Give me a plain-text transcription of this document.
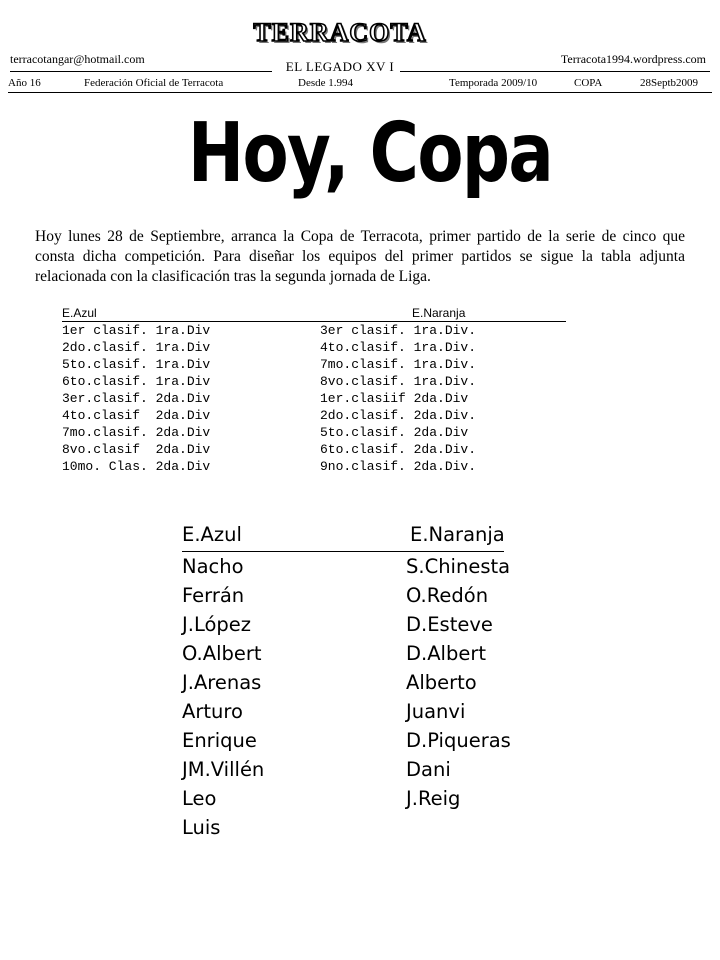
TERRACOTA
terracotangar@hotmail.com	Terracota1994.wordpress.com
EL LEGADO XV I
Año 16	Federación Oficial de Terracota	Desde 1.994	Temporada 2009/10	COPA	28Septb2009
Hoy, Copa
Hoy lunes 28 de Septiembre, arranca la Copa de Terracota, primer partido de la serie de cinco que consta dicha competición. Para diseñar los equipos del primer partidos se sigue la tabla adjunta relacionada con la clasificación tras la segunda jornada de Liga.
E.Azul	E.Naranja
1er clasif. 1ra.Div	3er clasif. 1ra.Div.
2do.clasif. 1ra.Div	4to.clasif. 1ra.Div.
5to.clasif. 1ra.Div	7mo.clasif. 1ra.Div.
6to.clasif. 1ra.Div	8vo.clasif. 1ra.Div.
3er.clasif. 2da.Div	1er.clasiif 2da.Div
4to.clasif  2da.Div	2do.clasif. 2da.Div.
7mo.clasif. 2da.Div	5to.clasif. 2da.Div
8vo.clasif  2da.Div	6to.clasif. 2da.Div.
10mo. Clas. 2da.Div	9no.clasif. 2da.Div.
E.Azul	E.Naranja
Nacho	S.Chinesta
Ferrán	O.Redón
J.López	D.Esteve
O.Albert	D.Albert
J.Arenas	Alberto
Arturo	Juanvi
Enrique	D.Piqueras
JM.Villén	Dani
Leo	J.Reig
Luis
